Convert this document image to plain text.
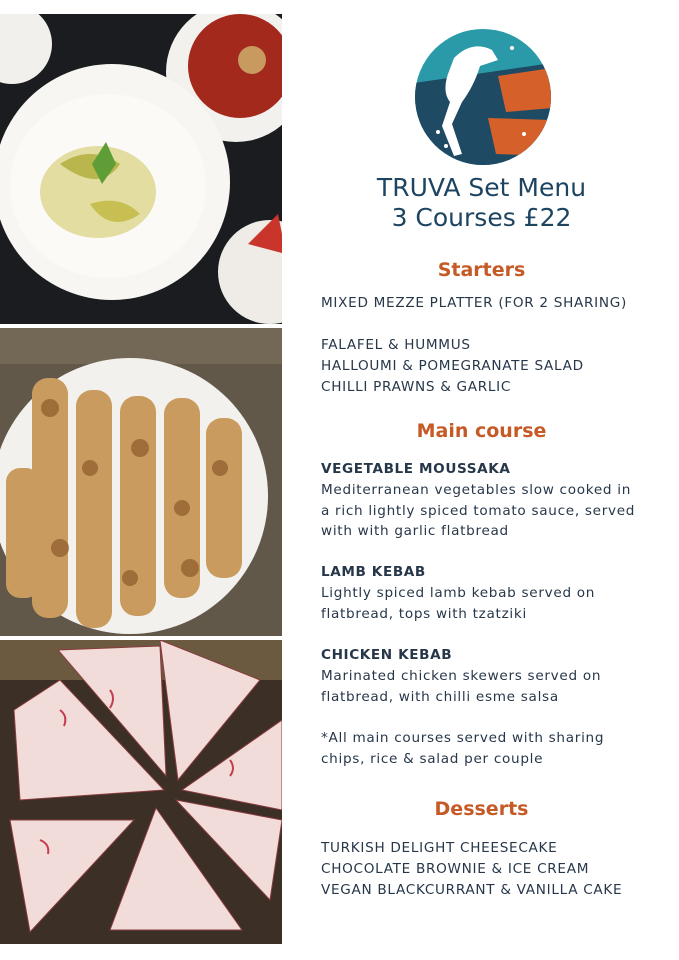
TRUVA Set Menu
3 Courses £22
Starters
MIXED MEZZE PLATTER (FOR 2 SHARING)
FALAFEL & HUMMUS
HALLOUMI & POMEGRANATE SALAD
CHILLI PRAWNS & GARLIC
Main course
VEGETABLE MOUSSAKA
Mediterranean vegetables slow cooked in
a rich lightly spiced tomato sauce, served
with with garlic flatbread
LAMB KEBAB
Lightly spiced lamb kebab served on
flatbread, tops with tzatziki
CHICKEN KEBAB
Marinated chicken skewers served on
flatbread, with chilli esme salsa
*All main courses served with sharing
chips, rice & salad per couple
Desserts
TURKISH DELIGHT CHEESECAKE
CHOCOLATE BROWNIE & ICE CREAM
VEGAN BLACKCURRANT & VANILLA CAKE
